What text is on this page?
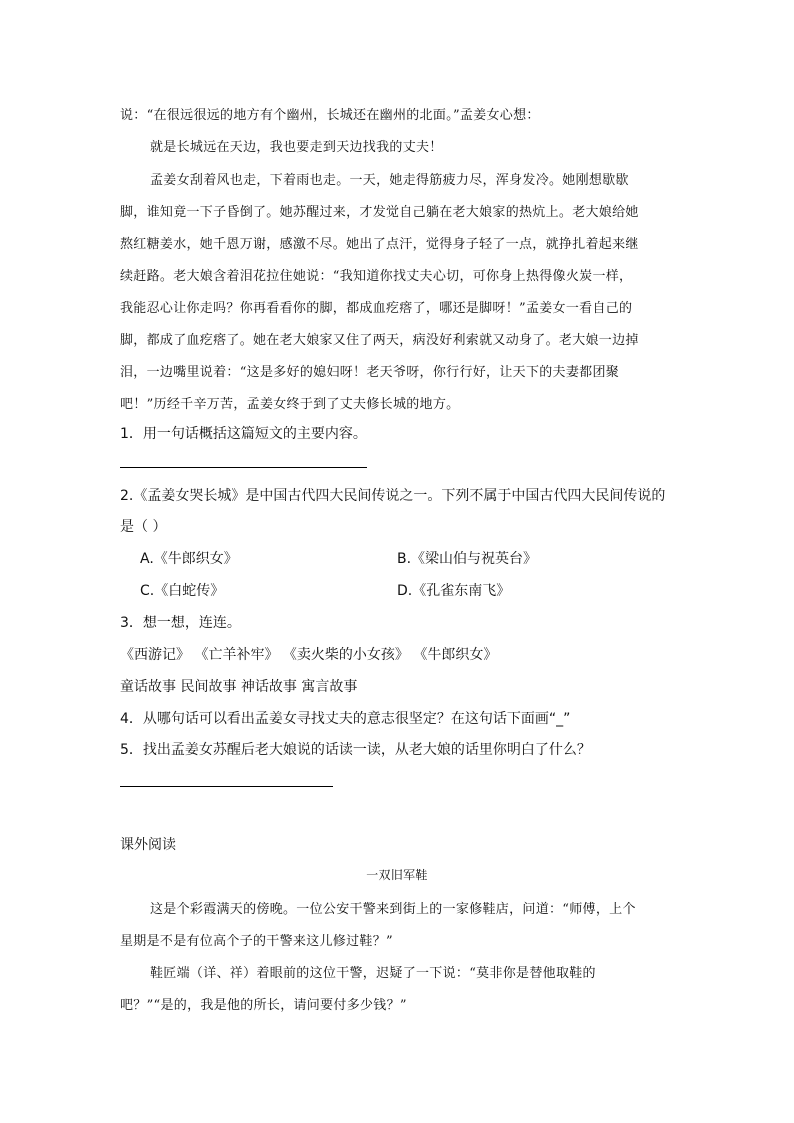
说：“在很远很远的地方有个幽州，长城还在幽州的北面。”孟姜女心想：
就是长城远在天边，我也要走到天边找我的丈夫！
孟姜女刮着风也走，下着雨也走。一天，她走得筋疲力尽，浑身发冷。她刚想歇歇
脚，谁知竟一下子昏倒了。她苏醒过来，才发觉自己躺在老大娘家的热炕上。老大娘给她
熬红糖姜水，她千恩万谢，感激不尽。她出了点汗，觉得身子轻了一点，就挣扎着起来继
续赶路。老大娘含着泪花拉住她说：“我知道你找丈夫心切，可你身上热得像火炭一样，
我能忍心让你走吗？你再看看你的脚，都成血疙瘩了，哪还是脚呀！”孟姜女一看自己的
脚，都成了血疙瘩了。她在老大娘家又住了两天，病没好利索就又动身了。老大娘一边掉
泪，一边嘴里说着：“这是多好的媳妇呀！老天爷呀，你行行好，让天下的夫妻都团聚
吧！”历经千辛万苦，孟姜女终于到了丈夫修长城的地方。
1．用一句话概括这篇短文的主要内容。
2.《孟姜女哭长城》是中国古代四大民间传说之一。下列不属于中国古代四大民间传说的
是（ ）
A.《牛郎织女》	B.《梁山伯与祝英台》
C.《白蛇传》	D.《孔雀东南飞》
3．想一想，连连。
《西游记》 《亡羊补牢》 《卖火柴的小女孩》 《牛郎织女》
童话故事 民间故事 神话故事 寓言故事
4．从哪句话可以看出孟姜女寻找丈夫的意志很坚定？在这句话下面画“_”
5．找出孟姜女苏醒后老大娘说的话读一读，从老大娘的话里你明白了什么？
课外阅读
一双旧军鞋
这是个彩霞满天的傍晚。一位公安干警来到街上的一家修鞋店，问道：“师傅，上个
星期是不是有位高个子的干警来这儿修过鞋？”
鞋匠端（详、祥）着眼前的这位干警，迟疑了一下说：“莫非你是替他取鞋的
吧？”“是的，我是他的所长，请问要付多少钱？”
